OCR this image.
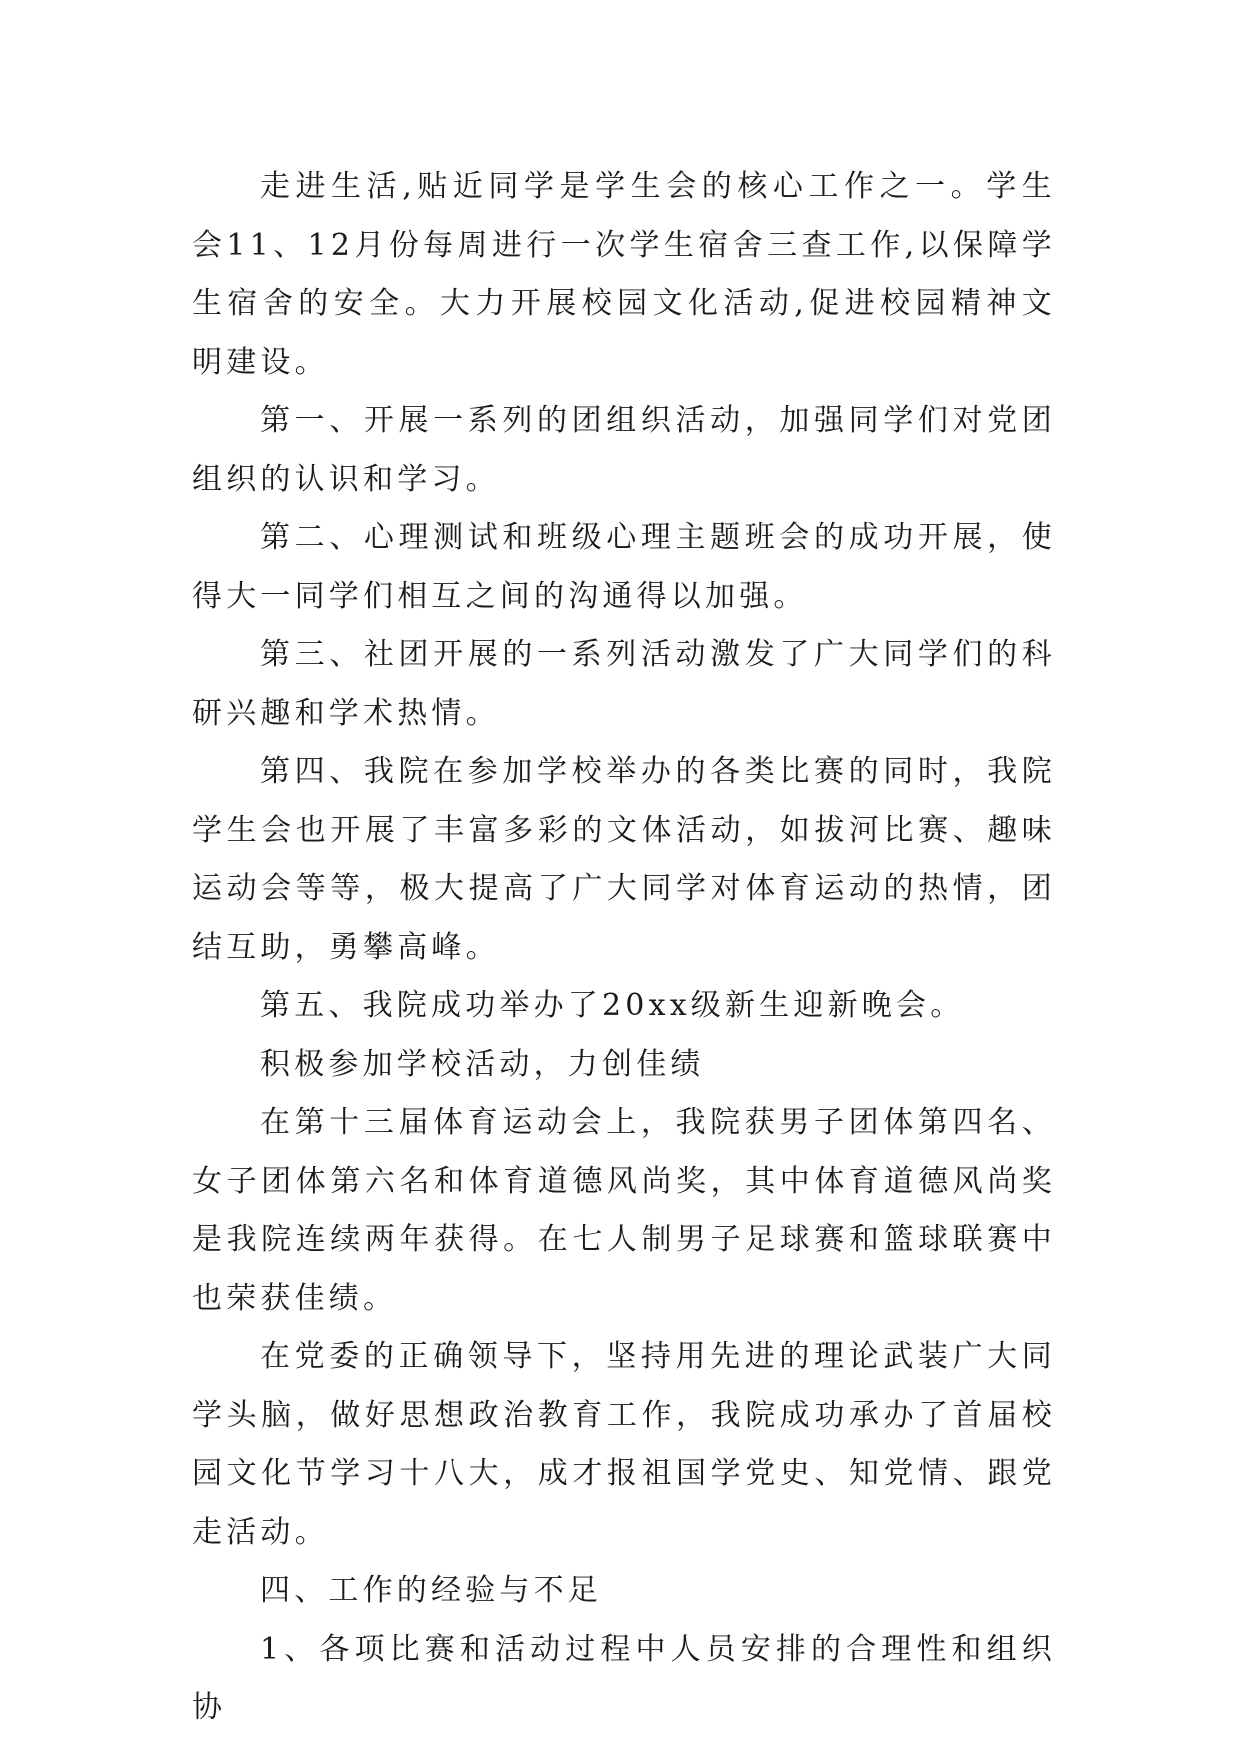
走进生活,贴近同学是学生会的核心工作之一。学生会11、12月份每周进行一次学生宿舍三查工作,以保障学生宿舍的安全。大力开展校园文化活动,促进校园精神文明建设。

第一、开展一系列的团组织活动，加强同学们对党团组织的认识和学习。

第二、心理测试和班级心理主题班会的成功开展，使得大一同学们相互之间的沟通得以加强。

第三、社团开展的一系列活动激发了广大同学们的科研兴趣和学术热情。

第四、我院在参加学校举办的各类比赛的同时，我院学生会也开展了丰富多彩的文体活动，如拔河比赛、趣味运动会等等，极大提高了广大同学对体育运动的热情，团结互助，勇攀高峰。

第五、我院成功举办了20xx级新生迎新晚会。

积极参加学校活动，力创佳绩

在第十三届体育运动会上，我院获男子团体第四名、女子团体第六名和体育道德风尚奖，其中体育道德风尚奖是我院连续两年获得。在七人制男子足球赛和篮球联赛中也荣获佳绩。

在党委的正确领导下，坚持用先进的理论武装广大同学头脑，做好思想政治教育工作，我院成功承办了首届校园文化节学习十八大，成才报祖国学党史、知党情、跟党走活动。

四、工作的经验与不足

1、各项比赛和活动过程中人员安排的合理性和组织协
